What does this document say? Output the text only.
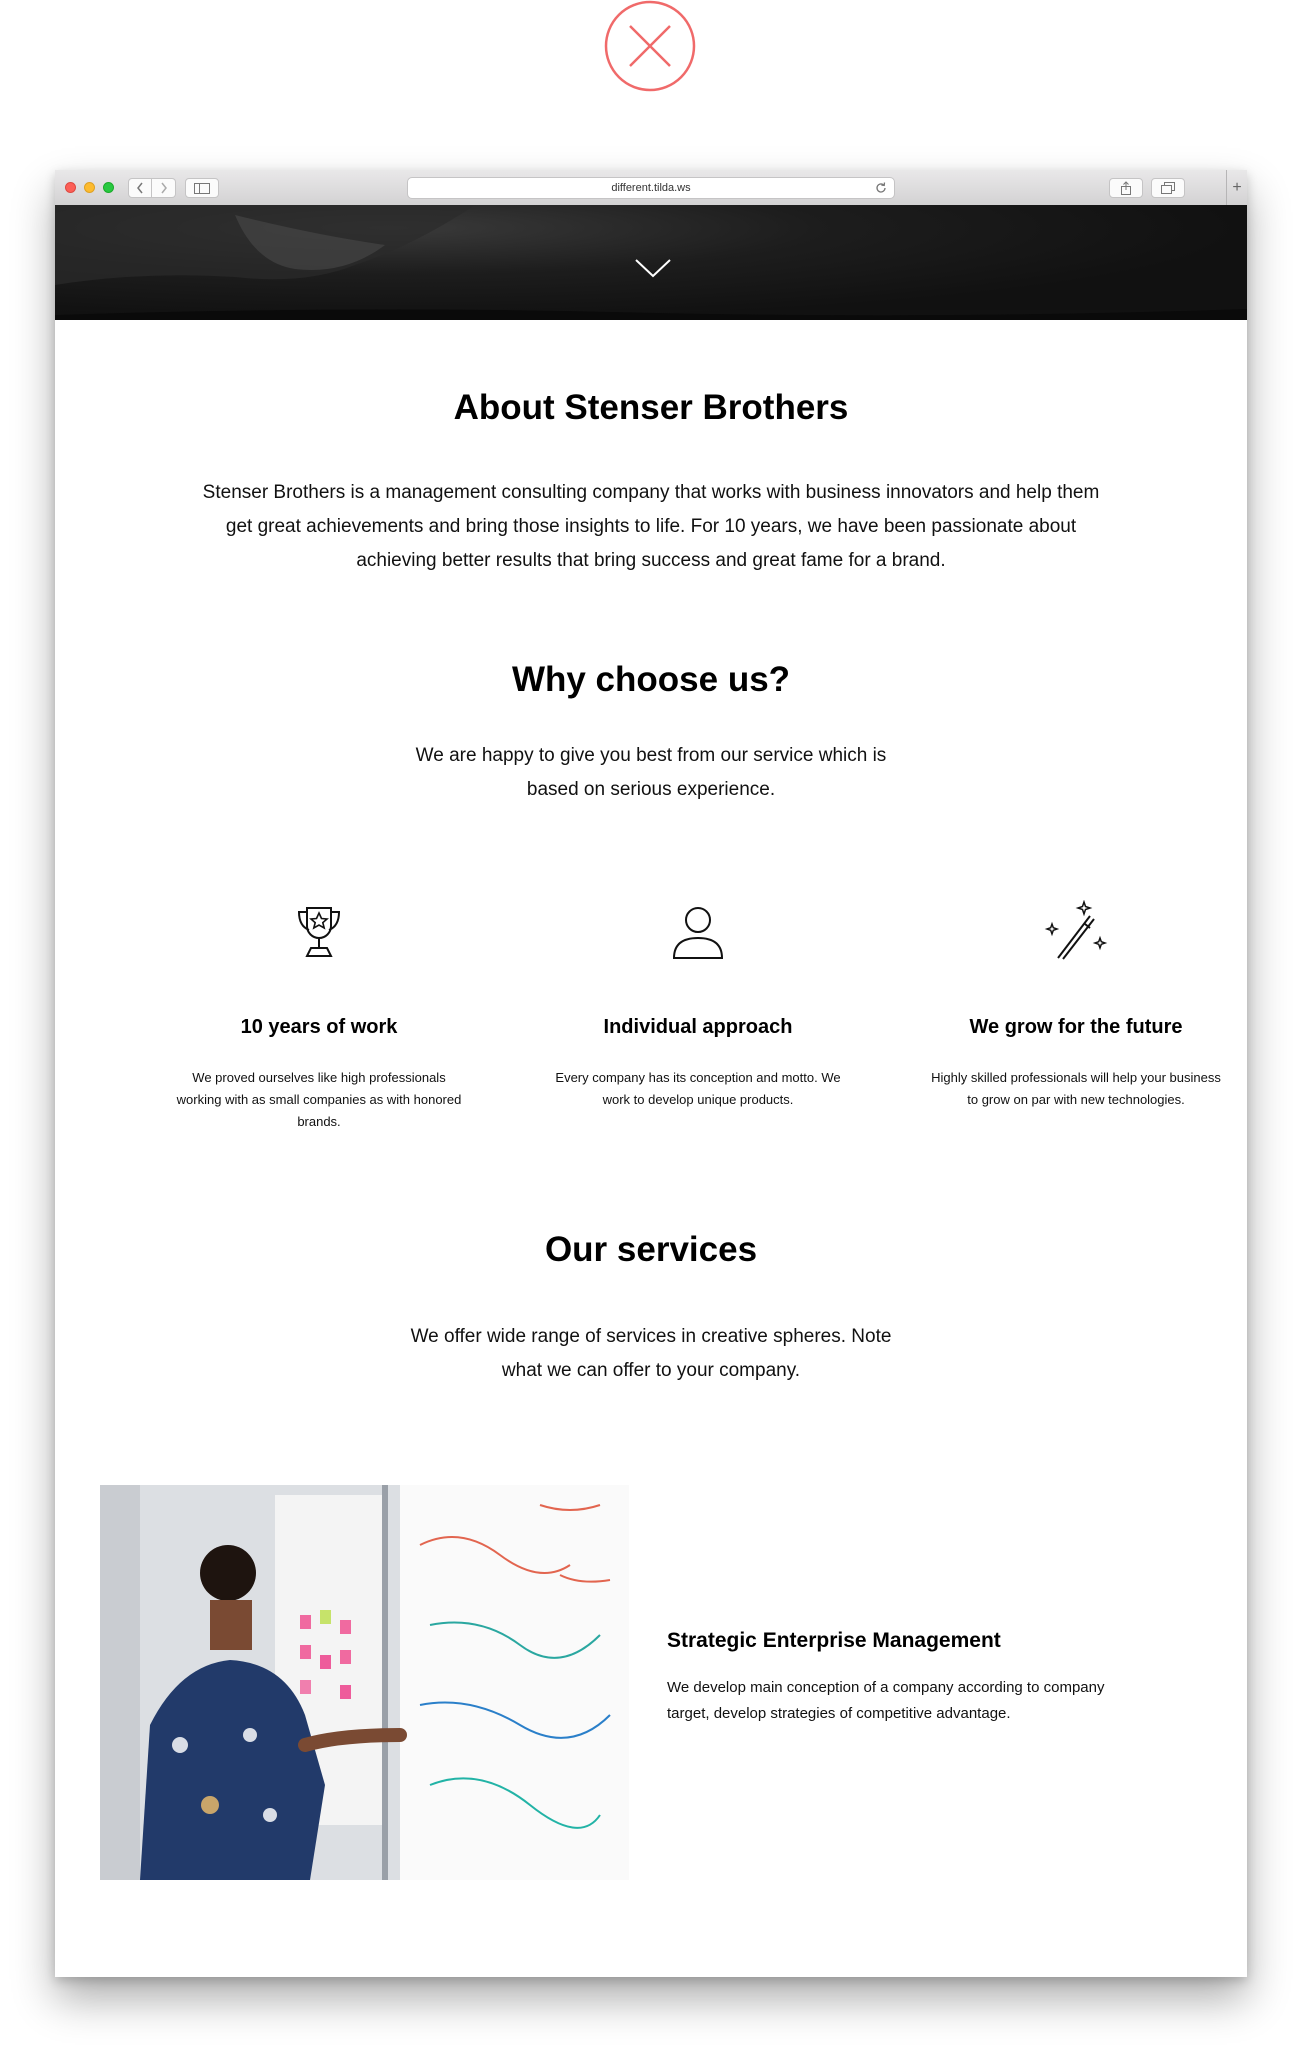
different.tilda.ws	+
About Stenser Brothers

Stenser Brothers is a management consulting company that works with business innovators and help them get great achievements and bring those insights to life. For 10 years, we have been passionate about achieving better results that bring success and great fame for a brand.

Why choose us?

We are happy to give you best from our service which is based on serious experience.

10 years of work

We proved ourselves like high professionals working with as small companies as with honored brands.

Individual approach

Every company has its conception and motto. We work to develop unique products.

We grow for the future

Highly skilled professionals will help your business to grow on par with new technologies.

Our services

We offer wide range of services in creative spheres. Note what we can offer to your company.

Strategic Enterprise Management

We develop main conception of a company according to company target, develop strategies of competitive advantage.
